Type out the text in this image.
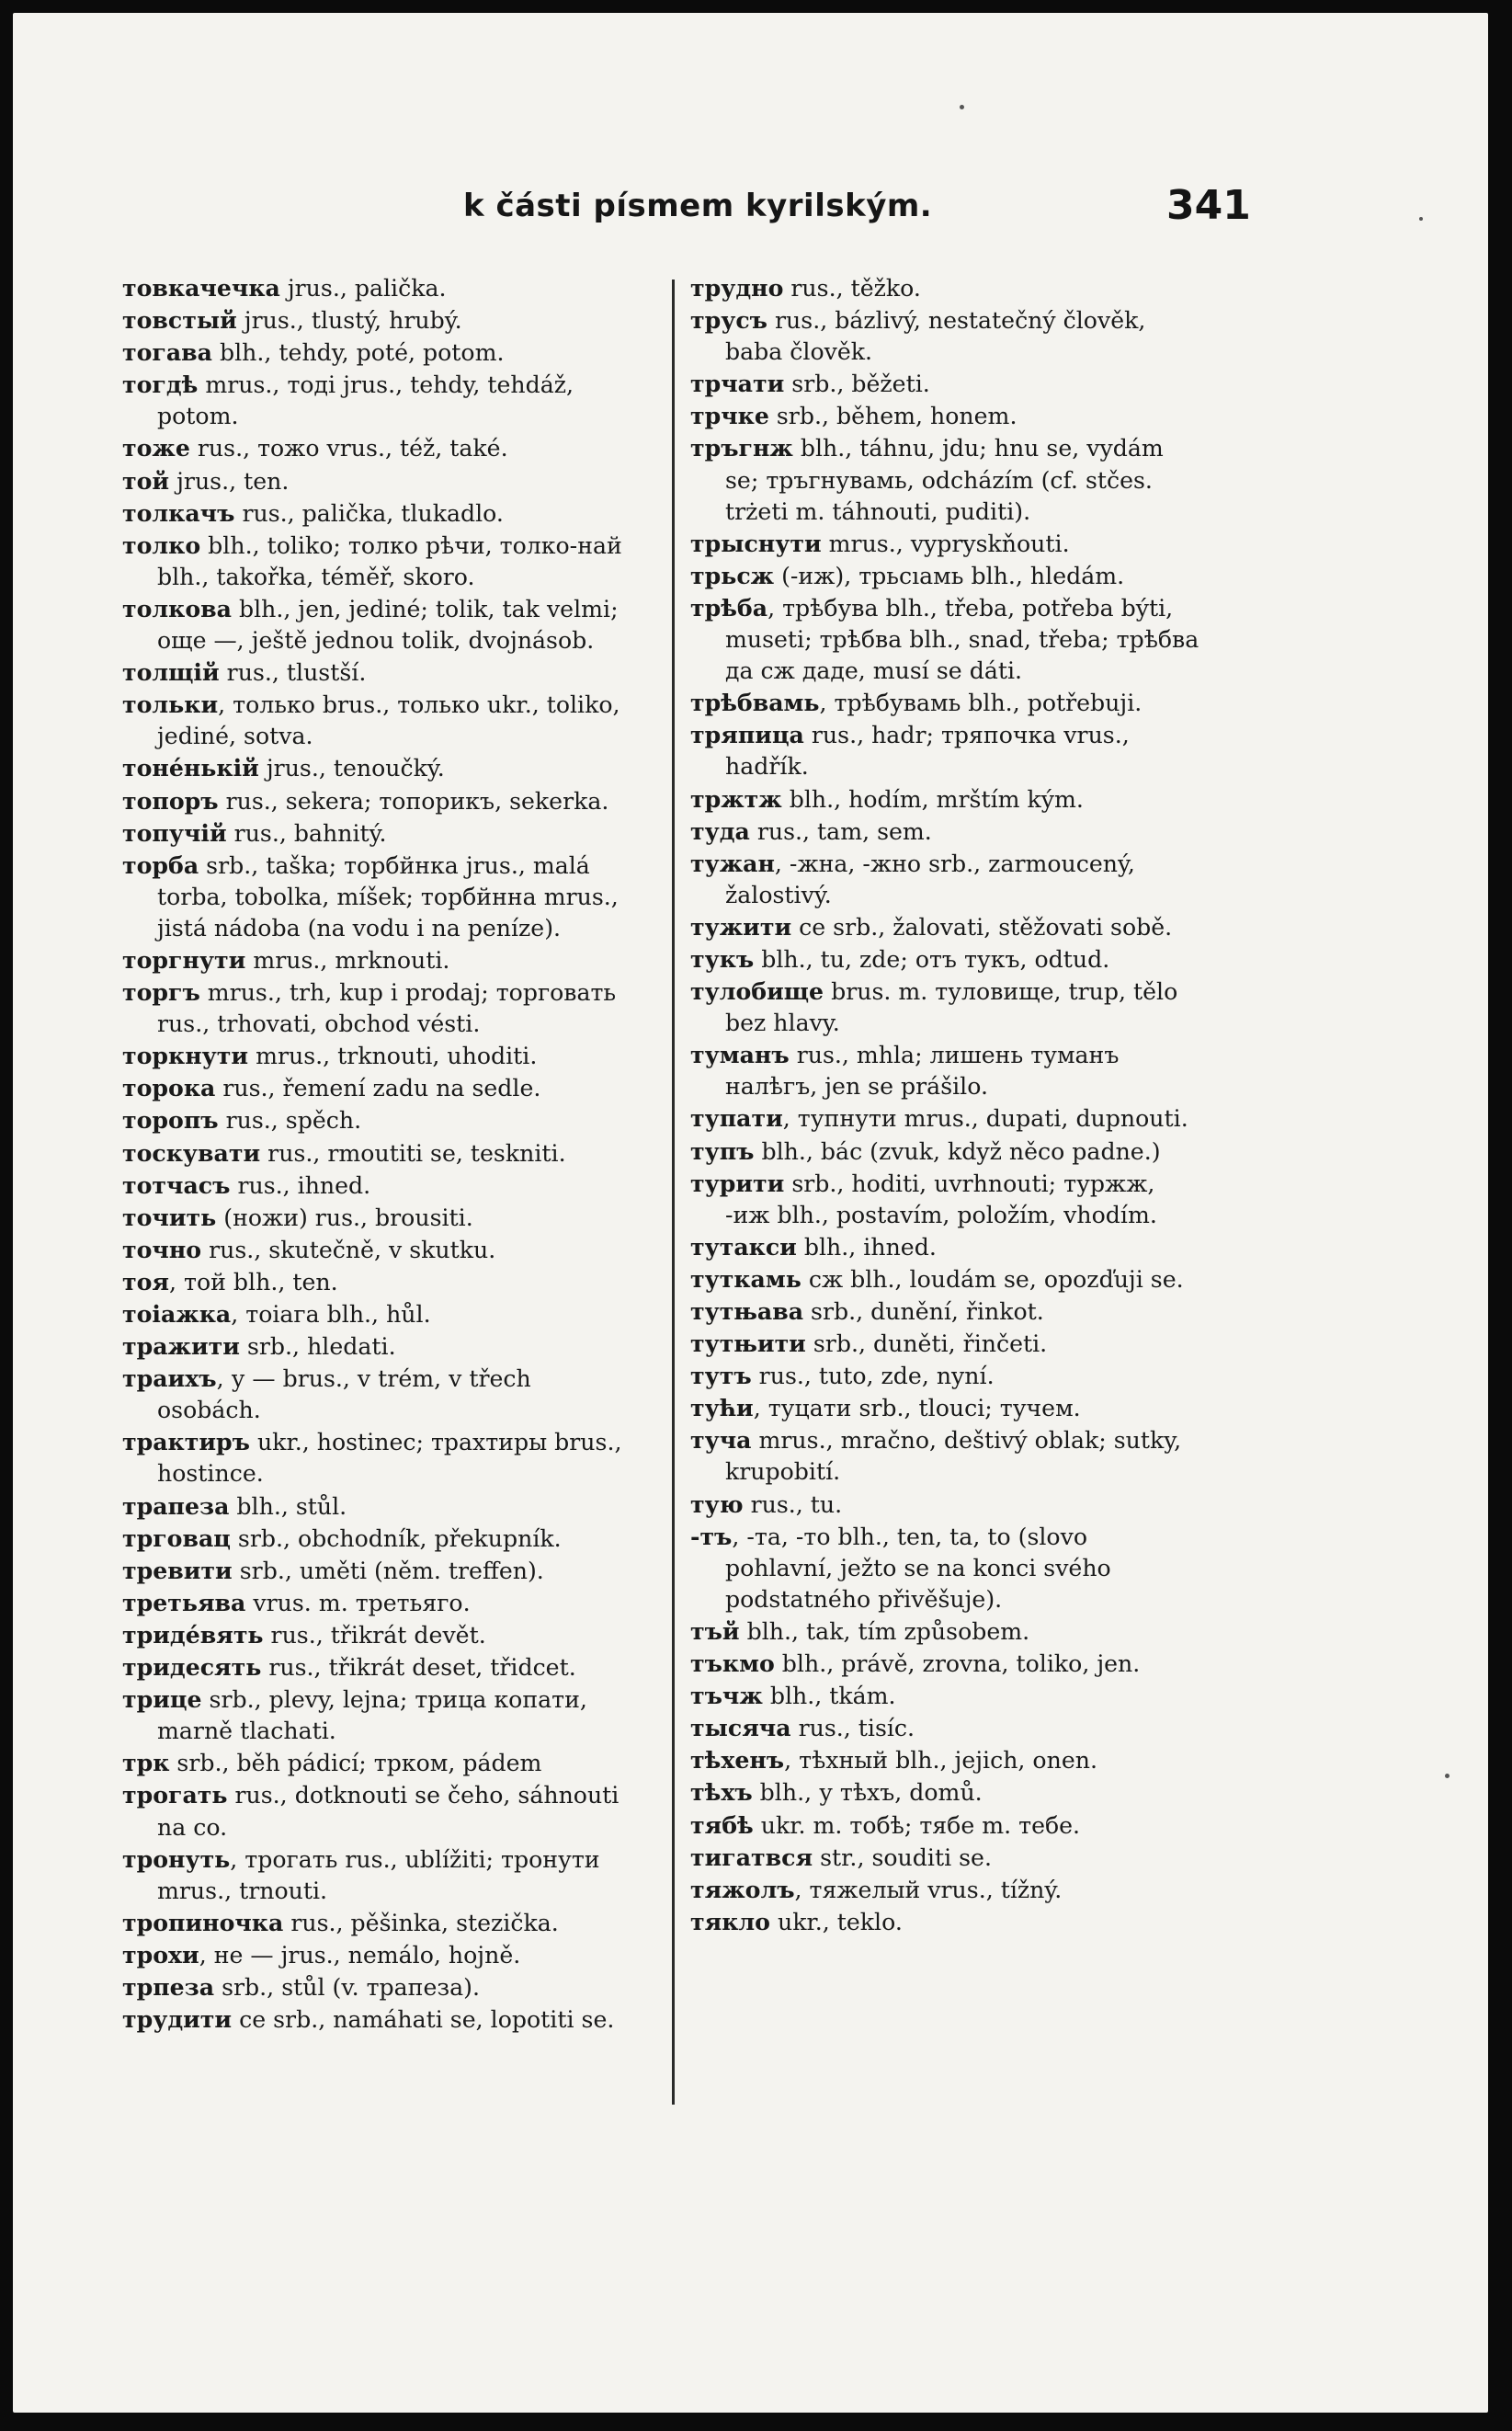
k části písmem kyrilským.	341

товкачечка jrus., palička.

товстый jrus., tlustý, hrubý.

тогава blh., tehdy, poté, potom.

тогдѣ mrus., тодi jrus., tehdy, tehdáž, potom.

тоже rus., тожо vrus., též, také.

той jrus., ten.

толкачъ rus., palička, tlukadlo.

толко blh., toliko; толко рѣчи, толко-най blh., takořka, téměř, skoro.

толкова blh., jen, jediné; tolik, tak velmi; още —, ještě jednou tolik, dvojnásob.

толщій rus., tlustší.

тольки, только brus., только ukr., toliko, jediné, sotva.

тоне́нькій jrus., tenoučký.

топоръ rus., sekera; топорикъ, sekerka.

топучій rus., bahnitý.

торба srb., taška; торбйнка jrus., malá torba, tobolka, míšek; торбйнна mrus., jistá nádoba (na vodu i na peníze).

торгнути mrus., mrknouti.

торгъ mrus., trh, kup i prodaj; торговать rus., trhovati, obchod vésti.

торкнути mrus., trknouti, uhoditi.

торока rus., řemení zadu na sedle.

торопъ rus., spěch.

тоскувати rus., rmoutiti se, teskniti.

тотчасъ rus., ihned.

точить (ножи) rus., brousiti.

точно rus., skutečně, v skutku.

тоя, той blh., ten.

тоіажка, тоіага blh., hůl.

тражити srb., hledati.

траихъ, у — brus., v trém, v třech osobách.

трактиръ ukr., hostinec; трахтиры brus., hostince.

трапеза blh., stůl.

трговац srb., obchodník, překupník.

тревити srb., uměti (něm. treffen).

третьява vrus. m. третьяго.

триде́вять rus., třikrát devět.

тридесять rus., třikrát deset, třidcet.

трице srb., plevy, lejna; трица копати, marně tlachati.

трк srb., běh pádicí; трком, pádem

трогать rus., dotknouti se čeho, sáhnouti na co.

тронуть, трогать rus., ublížiti; тронути mrus., trnouti.

тропиночка rus., pěšinka, stezička.

трохи, не — jrus., nemálo, hojně.

трпеза srb., stůl (v. трапеза).

трудити се srb., namáhati se, lopotiti se.

трудно rus., těžko.

трусъ rus., bázlivý, nestatečný člověk, baba člověk.

трчати srb., běžeti.

трчке srb., během, honem.

тръгнж blh., táhnu, jdu; hnu se, vydám se; тръгнувамь, odcházím (cf. stčes. trżeti m. táhnouti, puditi).

трыснути mrus., vypryskňouti.

трьсж (-иж), трьсıамь blh., hledám.

трѣба, трѣбува blh., třeba, potřeba býti, museti; трѣбва blh., snad, třeba; трѣбва да сж даде, musí se dáti.

трѣбвамь, трѣбувамь blh., potřebuji.

тряпица rus., hadr; тряпочка vrus., hadřík.

тржтж blh., hodím, mrštím kým.

туда rus., tam, sem.

тужан, -жна, -жно srb., zarmoucený, žalostivý.

тужити се srb., žalovati, stěžovati sobě.

тукъ blh., tu, zde; отъ тукъ, odtud.

тулобище brus. m. туловище, trup, tělo bez hlavy.

туманъ rus., mhla; лишень туманъ налѣгъ, jen se prášilo.

тупати, тупнути mrus., dupati, dupnouti.

тупъ blh., bác (zvuk, když něco padne.)

турити srb., hoditi, uvrhnouti; туржж, -иж blh., postavím, položím, vhodím.

тутакси blh., ihned.

туткамь сж blh., loudám se, opozďuji se.

тутњава srb., dunění, řinkot.

тутњити srb., duněti, řinčeti.

тутъ rus., tuto, zde, nyní.

тући, туцати srb., tlouci; тучем.

туча mrus., mračno, deštivý oblak; sutky, krupobití.

тую rus., tu.

-тъ, -та, -то blh., ten, ta, to (slovo pohlavní, ježto se na konci svého podstatného přivěšuje).

тъй blh., tak, tím způsobem.

тъкмо blh., právě, zrovna, toliko, jen.

тъчж blh., tkám.

тысяча rus., tisíc.

тѣхенъ, тѣхный blh., jejich, onen.

тѣхъ blh., у тѣхъ, domů.

тябѣ ukr. m. тобѣ; тябе m. тебе.

тигатвся str., souditi se.

тяжолъ, тяжелый vrus., tížný.

тякло ukr., teklo.
